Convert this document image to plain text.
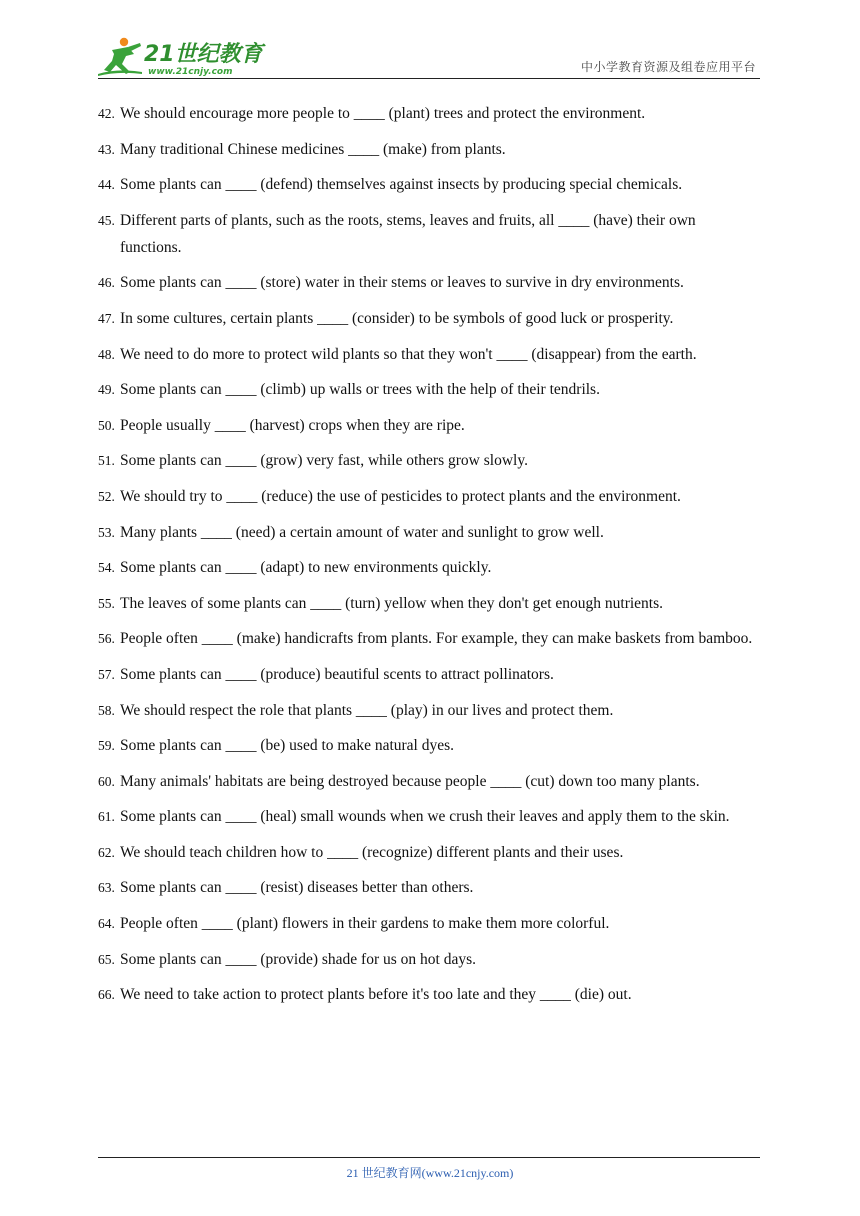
21世纪教育
www.21cnjy.com	中小学教育资源及组卷应用平台
42. We should encourage more people to ____ (plant) trees and protect the environment.
43. Many traditional Chinese medicines ____ (make) from plants.
44. Some plants can ____ (defend) themselves against insects by producing special chemicals.
45. Different parts of plants, such as the roots, stems, leaves and fruits, all ____ (have) their own functions.
46. Some plants can ____ (store) water in their stems or leaves to survive in dry environments.
47. In some cultures, certain plants ____ (consider) to be symbols of good luck or prosperity.
48. We need to do more to protect wild plants so that they won't ____ (disappear) from the earth.
49. Some plants can ____ (climb) up walls or trees with the help of their tendrils.
50. People usually ____ (harvest) crops when they are ripe.
51. Some plants can ____ (grow) very fast, while others grow slowly.
52. We should try to ____ (reduce) the use of pesticides to protect plants and the environment.
53. Many plants ____ (need) a certain amount of water and sunlight to grow well.
54. Some plants can ____ (adapt) to new environments quickly.
55. The leaves of some plants can ____ (turn) yellow when they don't get enough nutrients.
56. People often ____ (make) handicrafts from plants. For example, they can make baskets from bamboo.
57. Some plants can ____ (produce) beautiful scents to attract pollinators.
58. We should respect the role that plants ____ (play) in our lives and protect them.
59. Some plants can ____ (be) used to make natural dyes.
60. Many animals' habitats are being destroyed because people ____ (cut) down too many plants.
61. Some plants can ____ (heal) small wounds when we crush their leaves and apply them to the skin.
62. We should teach children how to ____ (recognize) different plants and their uses.
63. Some plants can ____ (resist) diseases better than others.
64. People often ____ (plant) flowers in their gardens to make them more colorful.
65. Some plants can ____ (provide) shade for us on hot days.
66. We need to take action to protect plants before it's too late and they ____ (die) out.
21 世纪教育网(www.21cnjy.com)
